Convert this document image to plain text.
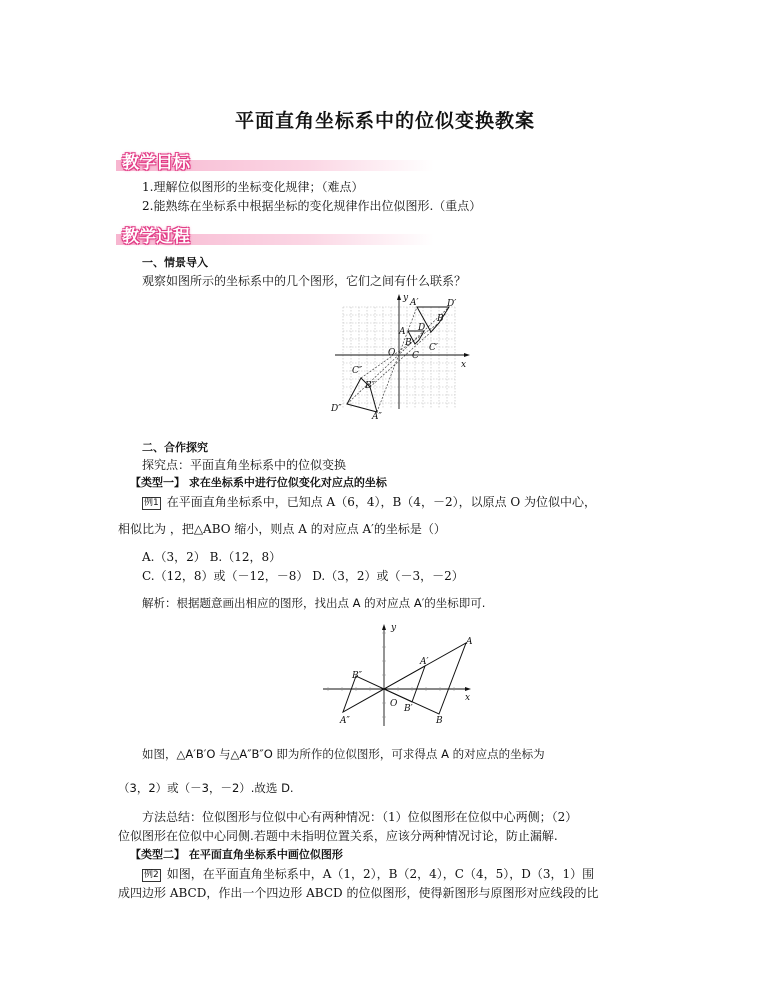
平面直角坐标系中的位似变换教案
教学目标
1.理解位似图形的坐标变化规律；（难点）
2.能熟练在坐标系中根据坐标的变化规律作出位似图形.（重点）
教学过程
一、情景导入
观察如图所示的坐标系中的几个图形，它们之间有什么联系？
y
x
O
A′	D′
B′
D
A
B C′
C
C″
B″
D″
A″
二、合作探究
探究点：平面直角坐标系中的位似变换
【类型一】 求在坐标系中进行位似变化对应点的坐标
例1 在平面直角坐标系中，已知点 A（6，4），B（4，－2），以原点 O 为位似中心，
相似比为 ，把△ABO 缩小，则点 A 的对应点 A′的坐标是（）
A.（3，2） B.（12，8）
C.（12，8）或（－12，－8） D.（3，2）或（－3，－2）
解析：根据题意画出相应的图形，找出点 A 的对应点 A′的坐标即可.
y
x
O
A
A′
B″
B′
B
A″
如图，△A′B′O 与△A″B″O 即为所作的位似图形，可求得点 A 的对应点的坐标为
（3，2）或（－3，－2）.故选 D.
方法总结：位似图形与位似中心有两种情况：（1）位似图形在位似中心两侧；（2）
位似图形在位似中心同侧.若题中未指明位置关系，应该分两种情况讨论，防止漏解.
【类型二】 在平面直角坐标系中画位似图形
例2 如图，在平面直角坐标系中，A（1，2），B（2，4），C（4，5），D（3，1）围
成四边形 ABCD，作出一个四边形 ABCD 的位似图形，使得新图形与原图形对应线段的比
